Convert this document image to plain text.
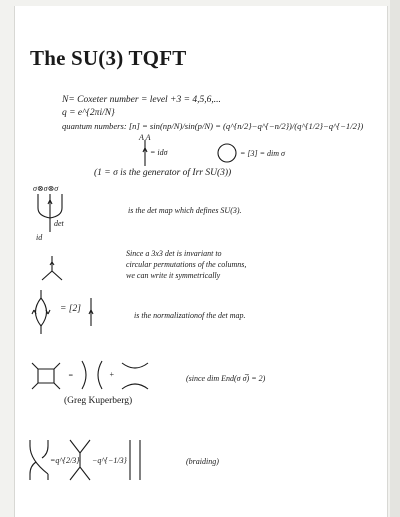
The SU(3) TQFT
N= Coxeter number = level +3 = 4,5,6,...
q = e^{2πi/N}
quantum numbers: [n] = sin(np/N)/sin(p/N) = (q^{n/2}−q^{−n/2})/(q^{1/2}−q^{−1/2})
A A
= idσ	= [3] = dim σ
(1 = σ is the generator of Irr SU(3))
σ⊗σ⊗σ
det
id
is the det map which defines SU(3).
Since a 3x3 det is invariant to
circular permutations of the columns,
we can write it symmetrically
= [2]
is the normalizationof the det map.
=	+	(since dim End(σ σ̅) = 2)
(Greg Kuperberg)
=q^{2/3} −q^{−1/3}	(braiding)
